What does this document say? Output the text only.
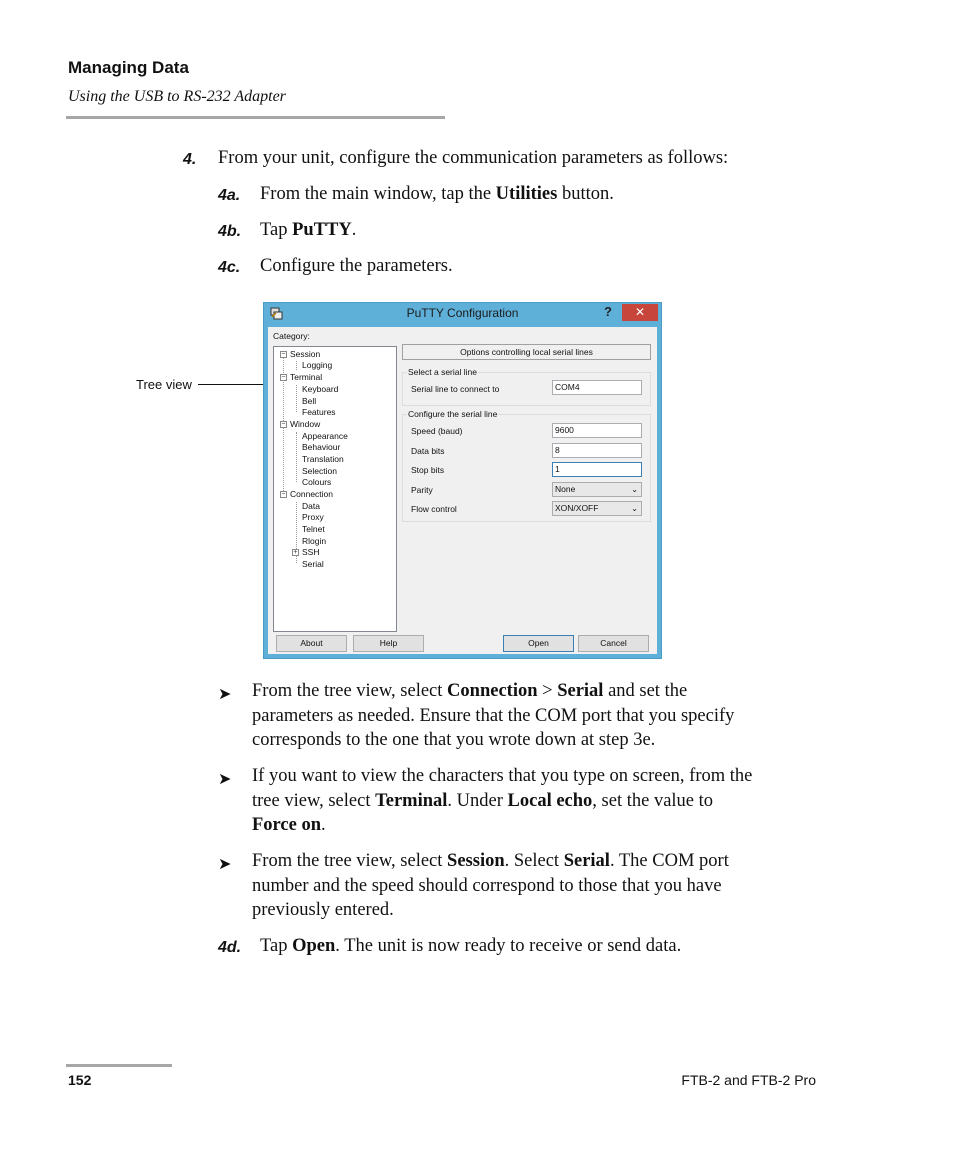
Managing Data
Using the USB to RS-232 Adapter
4. From your unit, configure the communication parameters as follows:
4a. From the main window, tap the Utilities button.
4b. Tap PuTTY.
4c. Configure the parameters.
Tree view
PuTTY Configuration	?	✕
Category:
− Session
Logging
− Terminal
Keyboard
Bell
Features
− Window
Appearance
Behaviour
Translation
Selection
Colours
− Connection
Data
Proxy
Telnet
Rlogin
+ SSH
Serial
Options controlling local serial lines
Select a serial line
Serial line to connect to	COM4
Configure the serial line
Speed (baud)	9600
Data bits	8
Stop bits	1
Parity	None	⌄
Flow control	XON/XOFF	⌄
About	Help	Open	Cancel
➤ From the tree view, select Connection > Serial and set the
parameters as needed. Ensure that the COM port that you specify
corresponds to the one that you wrote down at step 3e.
➤ If you want to view the characters that you type on screen, from the
tree view, select Terminal. Under Local echo, set the value to
Force on.
➤ From the tree view, select Session. Select Serial. The COM port
number and the speed should correspond to those that you have
previously entered.
4d. Tap Open. The unit is now ready to receive or send data.
152	FTB-2 and FTB-2 Pro
